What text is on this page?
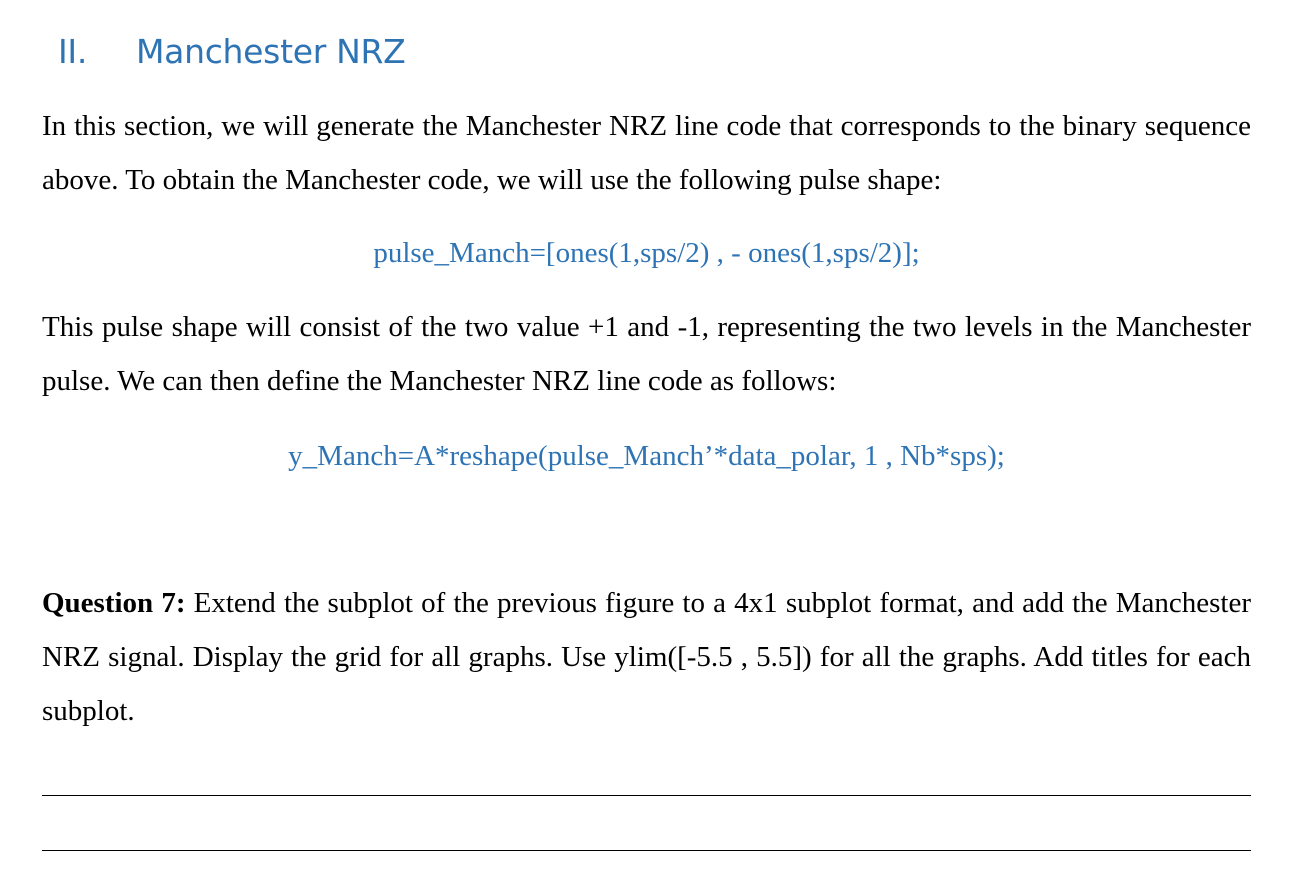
II. Manchester NRZ

In this section, we will generate the Manchester NRZ line code that corresponds to the binary sequence above. To obtain the Manchester code, we will use the following pulse shape:

pulse_Manch=[ones(1,sps/2) , - ones(1,sps/2)];

This pulse shape will consist of the two value +1 and -1, representing the two levels in the Manchester pulse. We can then define the Manchester NRZ line code as follows:

y_Manch=A*reshape(pulse_Manch’*data_polar, 1 , Nb*sps);

Question 7: Extend the subplot of the previous figure to a 4x1 subplot format, and add the Manchester NRZ signal. Display the grid for all graphs. Use ylim([-5.5 , 5.5]) for all the graphs. Add titles for each subplot.
